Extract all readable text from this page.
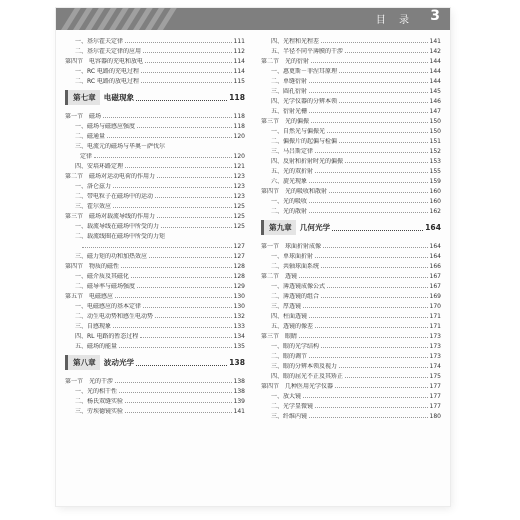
目 录 3
一、基尔霍夫定律	111
二、基尔霍夫定律的应用	112
第四节　电容器的充电和放电	114
一、RC 电路的充电过程	114
二、RC 电路的放电过程	115
第七章	电磁现象	118
第一节　磁场	118
一、磁场与磁感应强度	118
二、磁通量	120
三、电流元的磁场与毕奥－萨伐尔
定律	120
四、安培环路定理	121
第二节　磁场对运动电荷的作用力	123
一、洛仑兹力	123
二、带电粒子在磁场中的运动	123
三、霍尔效应	125
第三节　磁场对载流导线的作用力	125
一、载流导线在磁场中所受的力	125
二、载流线圈在磁场中所受的力矩
127
三、磁力矩的功和加热效应	127
第四节　物质的磁性	128
一、磁介质及其磁化	128
二、磁导率与磁场强度	129
第五节　电磁感应	130
一、电磁感应的基本定律	130
二、动生电动势和感生电动势	132
三、自感现象	133
四、RL 电路的暂态过程	134
五、磁场的能量	135
第八章	波动光学	138
第一节　光的干涉	138
一、光的相干性	138
二、杨氏双缝实验	139
三、劳埃德镜实验	141
四、光程和光程差	141
五、半径不同平薄膜的干涉	142
第二节　光的衍射	144
一、惠更斯－菲涅耳原理	144
二、单缝衍射	144
三、圆孔衍射	145
四、光学仪器的分辨本领	146
五、衍射光栅	147
第三节　光的偏振	150
一、自然光与偏振光	150
二、偏振片的起偏与检偏	151
三、马吕斯定律	152
四、反射和折射时光的偏振	153
五、光的双折射	155
六、旋光现象	159
第四节　光的吸收和散射	160
一、光的吸收	160
二、光的散射	162
第九章	几何光学	164
第一节　球面折射成像	164
一、单球面折射	164
二、共轴球面系统	166
第二节　透镜	167
一、薄透镜成像公式	167
二、薄透镜的组合	169
三、厚透镜	170
四、柱面透镜	171
五、透镜的像差	171
第三节　眼睛	173
一、眼的光学结构	173
二、眼的调节	173
三、眼的分辨本领及视力	174
四、眼的屈光不正及其矫正	175
第四节　几种医用光学仪器	177
一、放大镜	177
二、光学显微镜	177
三、纤维内镜	180
